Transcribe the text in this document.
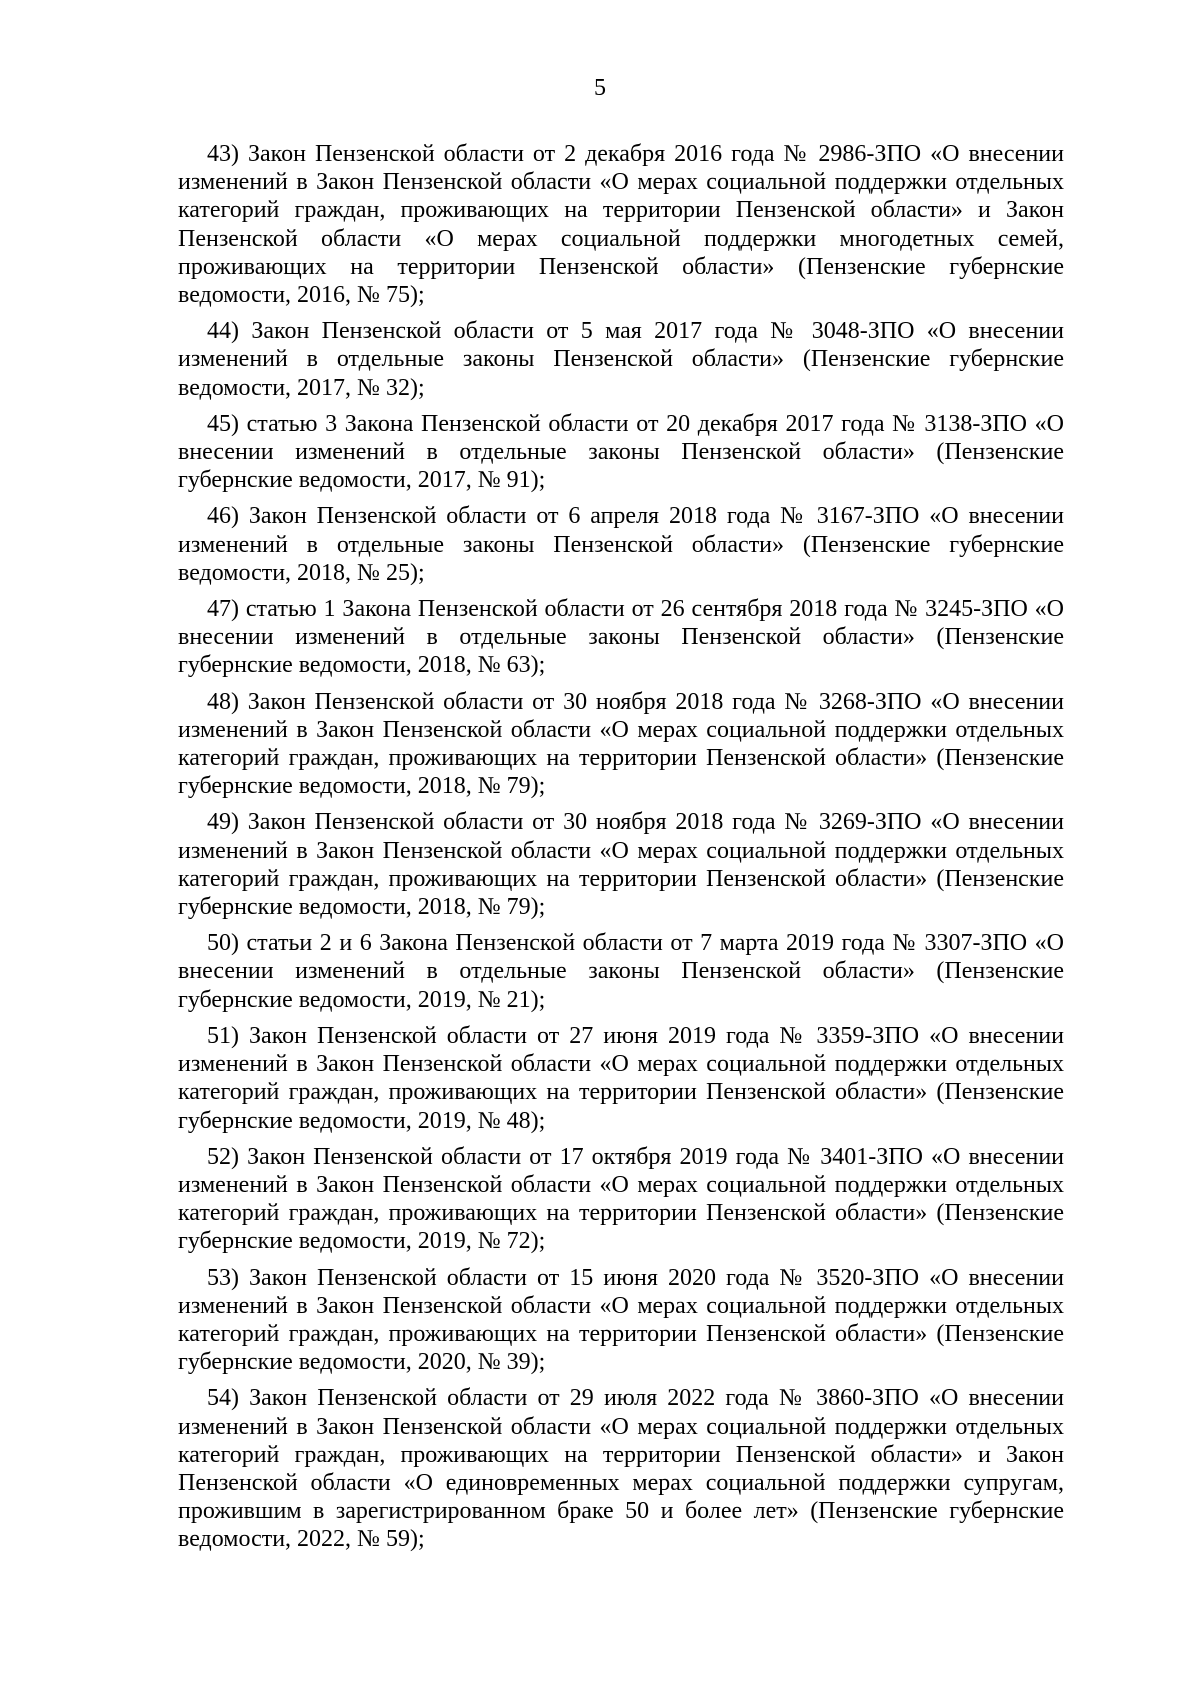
5

43) Закон Пензенской области от 2 декабря 2016 года № 2986-ЗПО «О внесении изменений в Закон Пензенской области «О мерах социальной поддержки отдельных категорий граждан, проживающих на территории Пензенской области» и Закон Пензенской области «О мерах социальной поддержки многодетных семей, проживающих на территории Пензенской области» (Пензенские губернские ведомости, 2016, № 75);

44) Закон Пензенской области от 5 мая 2017 года № 3048-ЗПО «О внесении изменений в отдельные законы Пензенской области» (Пензенские губернские ведомости, 2017, № 32);

45) статью 3 Закона Пензенской области от 20 декабря 2017 года № 3138-ЗПО «О внесении изменений в отдельные законы Пензенской области» (Пензенские губернские ведомости, 2017, № 91);

46) Закон Пензенской области от 6 апреля 2018 года № 3167-ЗПО «О внесении изменений в отдельные законы Пензенской области» (Пензенские губернские ведомости, 2018, № 25);

47) статью 1 Закона Пензенской области от 26 сентября 2018 года № 3245-ЗПО «О внесении изменений в отдельные законы Пензенской области» (Пензенские губернские ведомости, 2018, № 63);

48) Закон Пензенской области от 30 ноября 2018 года № 3268-ЗПО «О внесении изменений в Закон Пензенской области «О мерах социальной поддержки отдельных категорий граждан, проживающих на территории Пензенской области» (Пензенские губернские ведомости, 2018, № 79);

49) Закон Пензенской области от 30 ноября 2018 года № 3269-ЗПО «О внесении изменений в Закон Пензенской области «О мерах социальной поддержки отдельных категорий граждан, проживающих на территории Пензенской области» (Пензенские губернские ведомости, 2018, № 79);

50) статьи 2 и 6 Закона Пензенской области от 7 марта 2019 года № 3307-ЗПО «О внесении изменений в отдельные законы Пензенской области» (Пензенские губернские ведомости, 2019, № 21);

51) Закон Пензенской области от 27 июня 2019 года № 3359-ЗПО «О внесении изменений в Закон Пензенской области «О мерах социальной поддержки отдельных категорий граждан, проживающих на территории Пензенской области» (Пензенские губернские ведомости, 2019, № 48);

52) Закон Пензенской области от 17 октября 2019 года № 3401-ЗПО «О внесении изменений в Закон Пензенской области «О мерах социальной поддержки отдельных категорий граждан, проживающих на территории Пензенской области» (Пензенские губернские ведомости, 2019, № 72);

53) Закон Пензенской области от 15 июня 2020 года № 3520-ЗПО «О внесении изменений в Закон Пензенской области «О мерах социальной поддержки отдельных категорий граждан, проживающих на территории Пензенской области» (Пензенские губернские ведомости, 2020, № 39);

54) Закон Пензенской области от 29 июля 2022 года № 3860-ЗПО «О внесении изменений в Закон Пензенской области «О мерах социальной поддержки отдельных категорий граждан, проживающих на территории Пензенской области» и Закон Пензенской области «О единовременных мерах социальной поддержки супругам, прожившим в зарегистрированном браке 50 и более лет» (Пензенские губернские ведомости, 2022, № 59);
